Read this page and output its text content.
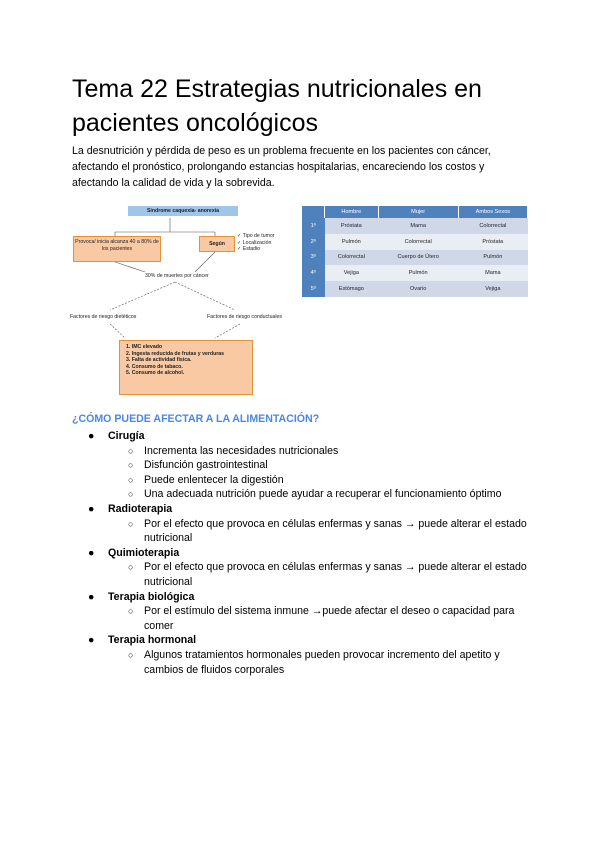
Tema 22 Estrategias nutricionales en pacientes oncológicos

La desnutrición y pérdida de peso es un problema frecuente en los pacientes con cáncer, afectando el pronóstico, prolongando estancias hospitalarias, encareciendo los costos y afectando la calidad de vida y la sobrevida.

Síndrome caquexia- anorexia
Provoca/ inicia alcanza 40 a 80% de los pacientes
Según
✓ Tipo de tumor
✓ Localización
✓ Estadio
30% de muertes por cáncer
Factores de riesgo dietéticos	Factores de riesgo conductuales
1. IMC elevado
2. Ingesta reducida de frutas y verduras
3. Falta de actividad física.
4. Consumo de tabaco.
5. Consumo de alcohol.
	Hombre	Mujer	Ambos Sexos
1º	Próstata	Mama	Colorrectal
2º	Pulmón	Colorrectal	Próstata
3º	Colorrectal	Cuerpo de Útero	Pulmón
4º	Vejiga	Pulmón	Mama
5º	Estómago	Ovario	Vejiga
¿CÓMO PUEDE AFECTAR A LA ALIMENTACIÓN?
● Cirugía
○ Incrementa las necesidades nutricionales
○ Disfunción gastrointestinal
○ Puede enlentecer la digestión
○ Una adecuada nutrición puede ayudar a recuperar el funcionamiento óptimo
● Radioterapia
○ Por el efecto que provoca en células enfermas y sanas → puede alterar el estado nutricional
● Quimioterapia
○ Por el efecto que provoca en células enfermas y sanas → puede alterar el estado nutricional
● Terapia biológica
○ Por el estímulo del sistema inmune →puede afectar el deseo o capacidad para comer
● Terapia hormonal
○ Algunos tratamientos hormonales pueden provocar incremento del apetito y cambios de fluidos corporales
